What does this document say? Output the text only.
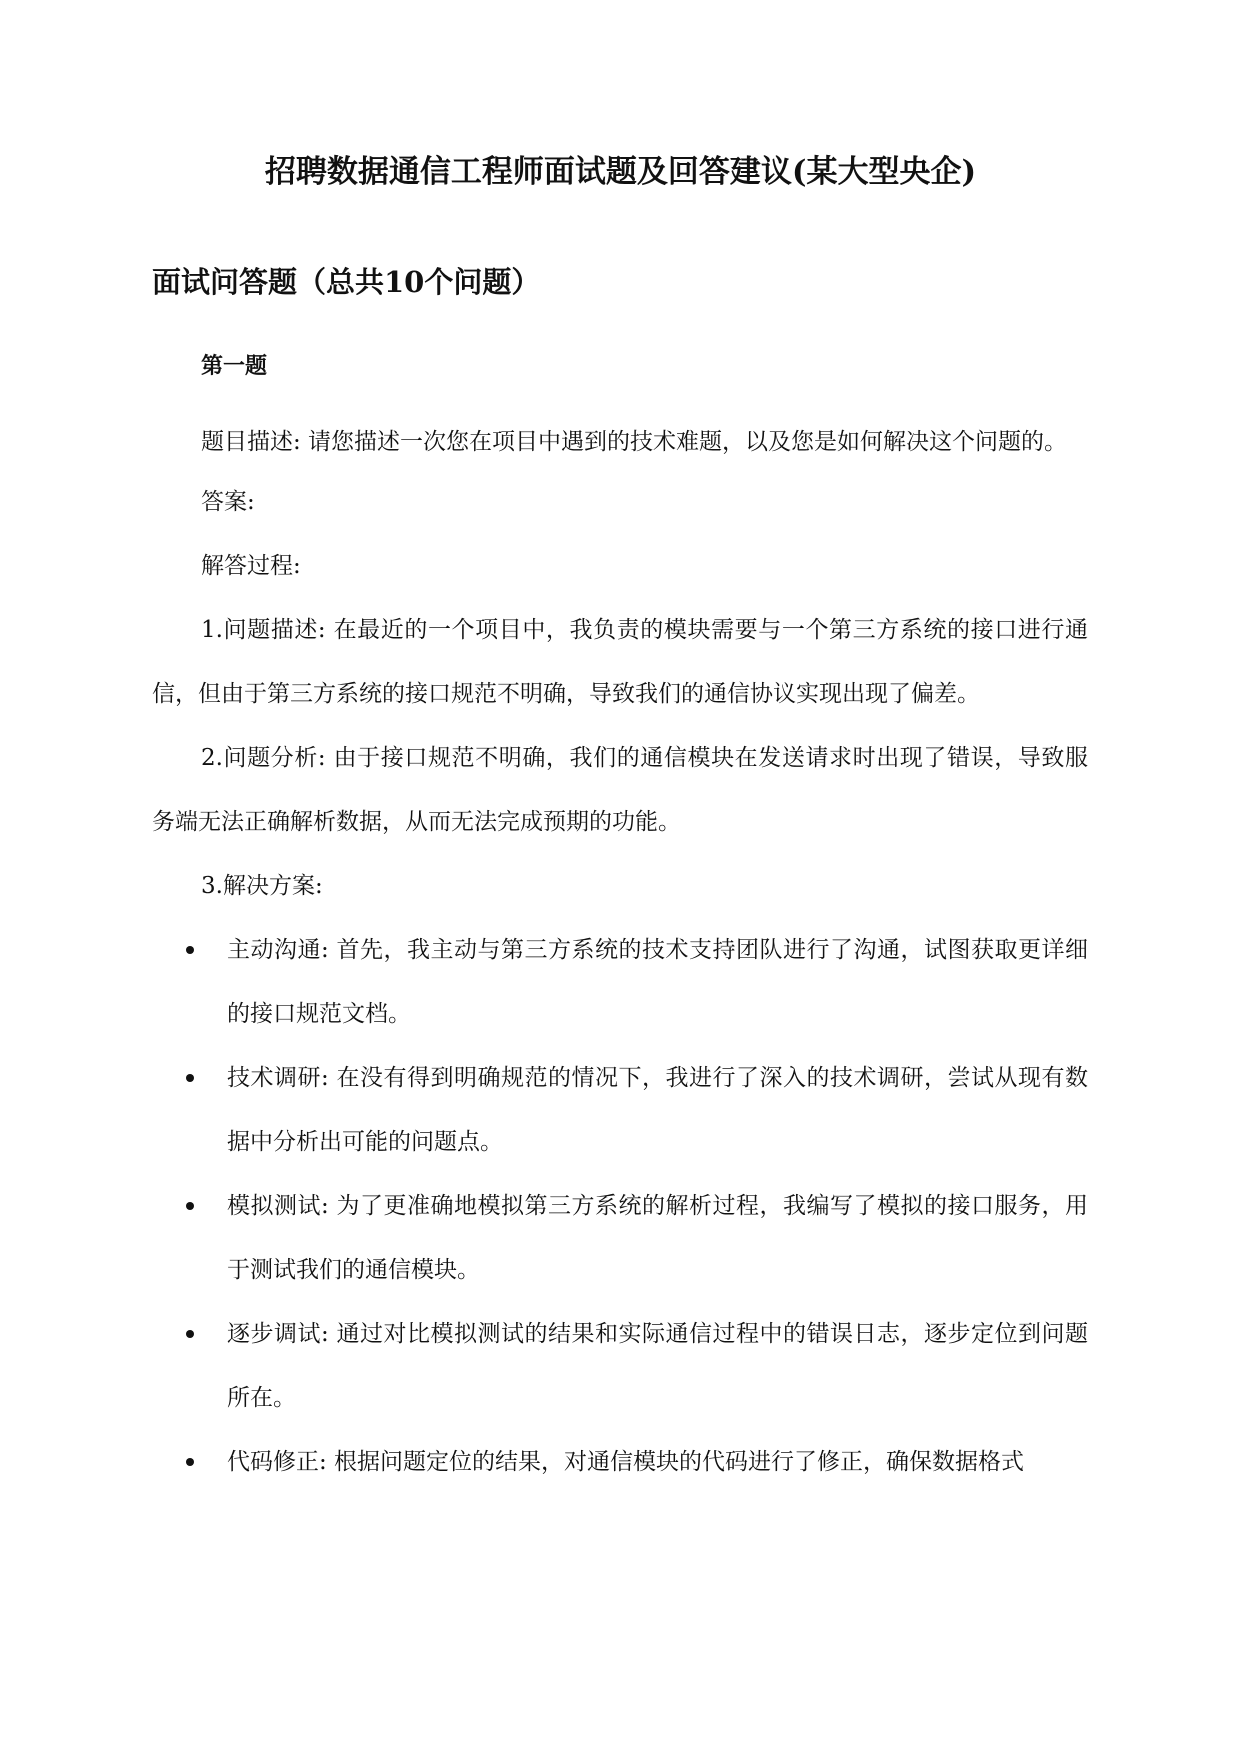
招聘数据通信工程师面试题及回答建议(某大型央企)
面试问答题（总共10个问题）
第一题

题目描述: 请您描述一次您在项目中遇到的技术难题，以及您是如何解决这个问题的。

答案:

解答过程:

1.问题描述: 在最近的一个项目中，我负责的模块需要与一个第三方系统的接口进行通信，但由于第三方系统的接口规范不明确，导致我们的通信协议实现出现了偏差。

2.问题分析: 由于接口规范不明确，我们的通信模块在发送请求时出现了错误，导致服务端无法正确解析数据，从而无法完成预期的功能。

3.解决方案:

主动沟通: 首先，我主动与第三方系统的技术支持团队进行了沟通，试图获取更详细的接口规范文档。
技术调研: 在没有得到明确规范的情况下，我进行了深入的技术调研，尝试从现有数据中分析出可能的问题点。
模拟测试: 为了更准确地模拟第三方系统的解析过程，我编写了模拟的接口服务，用于测试我们的通信模块。
逐步调试: 通过对比模拟测试的结果和实际通信过程中的错误日志，逐步定位到问题所在。
代码修正: 根据问题定位的结果，对通信模块的代码进行了修正，确保数据格式
